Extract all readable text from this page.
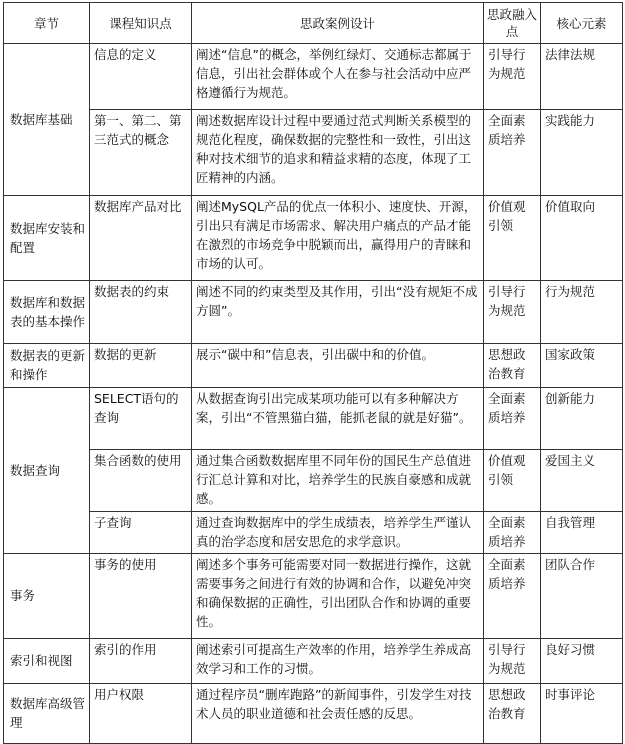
章节	课程知识点	思政案例设计	思政融入点	核心元素
数据库基础	信息的定义	阐述“信息”的概念，举例红绿灯、交通标志都属于信息，引出社会群体或个人在参与社会活动中应严格遵循行为规范。	引导行为规范	法律法规
	第一、第二、第三范式的概念	阐述数据库设计过程中要通过范式判断关系模型的规范化程度，确保数据的完整性和一致性，引出这种对技术细节的追求和精益求精的态度，体现了工匠精神的内涵。	全面素质培养	实践能力
数据库安装和配置	数据库产品对比	阐述MySQL产品的优点一体积小、速度快、开源，引出只有满足市场需求、解决用户痛点的产品才能在激烈的市场竞争中脱颖而出，赢得用户的青睐和市场的认可。	价值观引领	价值取向
数据库和数据表的基本操作	数据表的约束	阐述不同的约束类型及其作用，引出“没有规矩不成方圆”。	引导行为规范	行为规范
数据表的更新和操作	数据的更新	展示“碳中和”信息表，引出碳中和的价值。	思想政治教育	国家政策
数据查询	SELECT语句的查询	从数据查询引出完成某项功能可以有多种解决方案，引出“不管黑猫白猫，能抓老鼠的就是好猫”。	全面素质培养	创新能力
	集合函数的使用	通过集合函数数据库里不同年份的国民生产总值进行汇总计算和对比，培养学生的民族自豪感和成就感。	价值观引领	爱国主义
	子查询	通过查询数据库中的学生成绩表，培养学生严谨认真的治学态度和居安思危的求学意识。	全面素质培养	自我管理
事务	事务的使用	阐述多个事务可能需要对同一数据进行操作，这就需要事务之间进行有效的协调和合作，以避免冲突和确保数据的正确性，引出团队合作和协调的重要性。	全面素质培养	团队合作
索引和视图	索引的作用	阐述索引可提高生产效率的作用，培养学生养成高效学习和工作的习惯。	引导行为规范	良好习惯
数据库高级管理	用户权限	通过程序员“删库跑路”的新闻事件，引发学生对技术人员的职业道德和社会责任感的反思。	思想政治教育	时事评论
